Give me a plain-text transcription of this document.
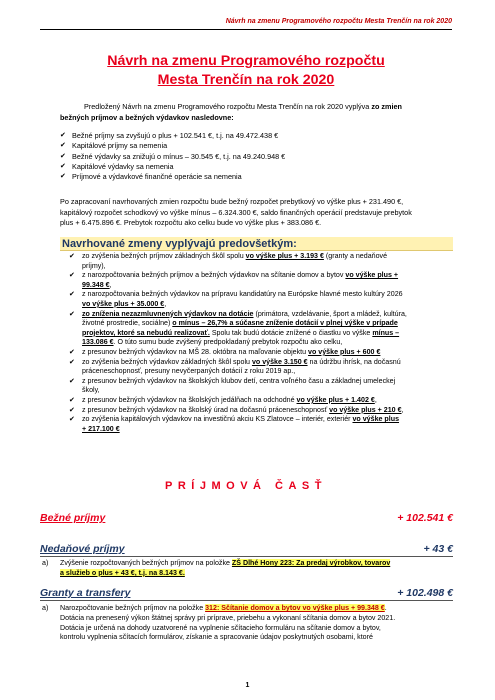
Návrh na zmenu Programového rozpočtu Mesta Trenčín na rok 2020
Návrh na zmenu Programového rozpočtu
Mesta Trenčín na rok 2020
Predložený Návrh na zmenu Programového rozpočtu Mesta Trenčín na rok 2020 vyplýva zo zmien
bežných príjmov a bežných výdavkov nasledovne:
✔ Bežné príjmy sa zvyšujú o plus + 102.541 €, t.j. na 49.472.438 €
✔ Kapitálové príjmy sa nemenia
✔ Bežné výdavky sa znižujú o mínus – 30.545 €, t.j. na 49.240.948 €
✔ Kapitálové výdavky sa nemenia
✔ Príjmové a výdavkové finančné operácie sa nemenia
Po zapracovaní navrhovaných zmien rozpočtu bude bežný rozpočet prebytkový vo výške plus + 231.490 €,
kapitálový rozpočet schodkový vo výške mínus – 6.324.300 €, saldo finančných operácií predstavuje prebytok
plus + 6.475.896 €. Prebytok rozpočtu ako celku bude vo výške plus + 383.086 €.
Navrhované zmeny vyplývajú predovšetkým:
✔ zo zvýšenia bežných príjmov základných škôl spolu vo výške plus + 3.193 € (granty a nedaňové
príjmy),
✔ z narozpočtovania bežných príjmov a bežných výdavkov na sčítanie domov a bytov vo výške plus +
99.348 €,
✔ z narozpočtovania bežných výdavkov na prípravu kandidatúry na Európske hlavné mesto kultúry 2026
vo výške plus + 35.000 €,
✔ zo zníženia nezazmluvnených výdavkov na dotácie (primátora, vzdelávanie, šport a mládež, kultúra,
životné prostredie, sociálne) o mínus – 26,7% a súčasne zníženie dotácií v plnej výške v prípade
projektov, ktoré sa nebudú realizovať. Spolu tak budú dotácie znížené o čiastku vo výške mínus –
133.086 €. O túto sumu bude zvýšený predpokladaný prebytok rozpočtu ako celku,
✔ z presunov bežných výdavkov na MŠ 28. októbra na maľovanie objektu vo výške plus + 600 €
✔ zo zvýšenia bežných výdavkov základných škôl spolu vo výške 3.150 € na údržbu ihrísk, na dočasnú
práceneschopnosť, presuny nevyčerpaných dotácií z roku 2019 ap.,
✔ z presunov bežných výdavkov na školských klubov detí, centra voľného času a základnej umeleckej
školy,
✔ z presunov bežných výdavkov na školských jedálňach na odchodné vo výške plus + 1.402 €,
✔ z presunov bežných výdavkov na školský úrad na dočasnú práceneschopnosť vo výške plus + 210 €,
✔ zo zvýšenia kapitálových výdavkov na investičnú akciu KS Zlatovce – interiér, exteriér vo výške plus
+ 217.100 €
PRÍJMOVÁ ČASŤ
Bežné príjmy	+ 102.541 €
Nedaňové príjmy	+ 43 €
a) Zvýšenie rozpočtovaných bežných príjmov na položke ZŠ Dlhé Hony 223: Za predaj výrobkov, tovarov
a služieb o plus + 43 €, t.j. na 8.143 €.
Granty a transfery	+ 102.498 €
a) Narozpočtovanie bežných príjmov na položke 312: Sčítanie domov a bytov vo výške plus + 99.348 €.
Dotácia na prenesený výkon štátnej správy pri príprave, priebehu a vykonaní sčítania domov a bytov 2021.
Dotácia je určená na dohody uzatvorené na vyplnenie sčítacieho formuláru na sčítanie domov a bytov,
kontrolu vyplnenia sčítacích formulárov, získanie a spracovanie údajov poskytnutých osobami, ktoré
1
